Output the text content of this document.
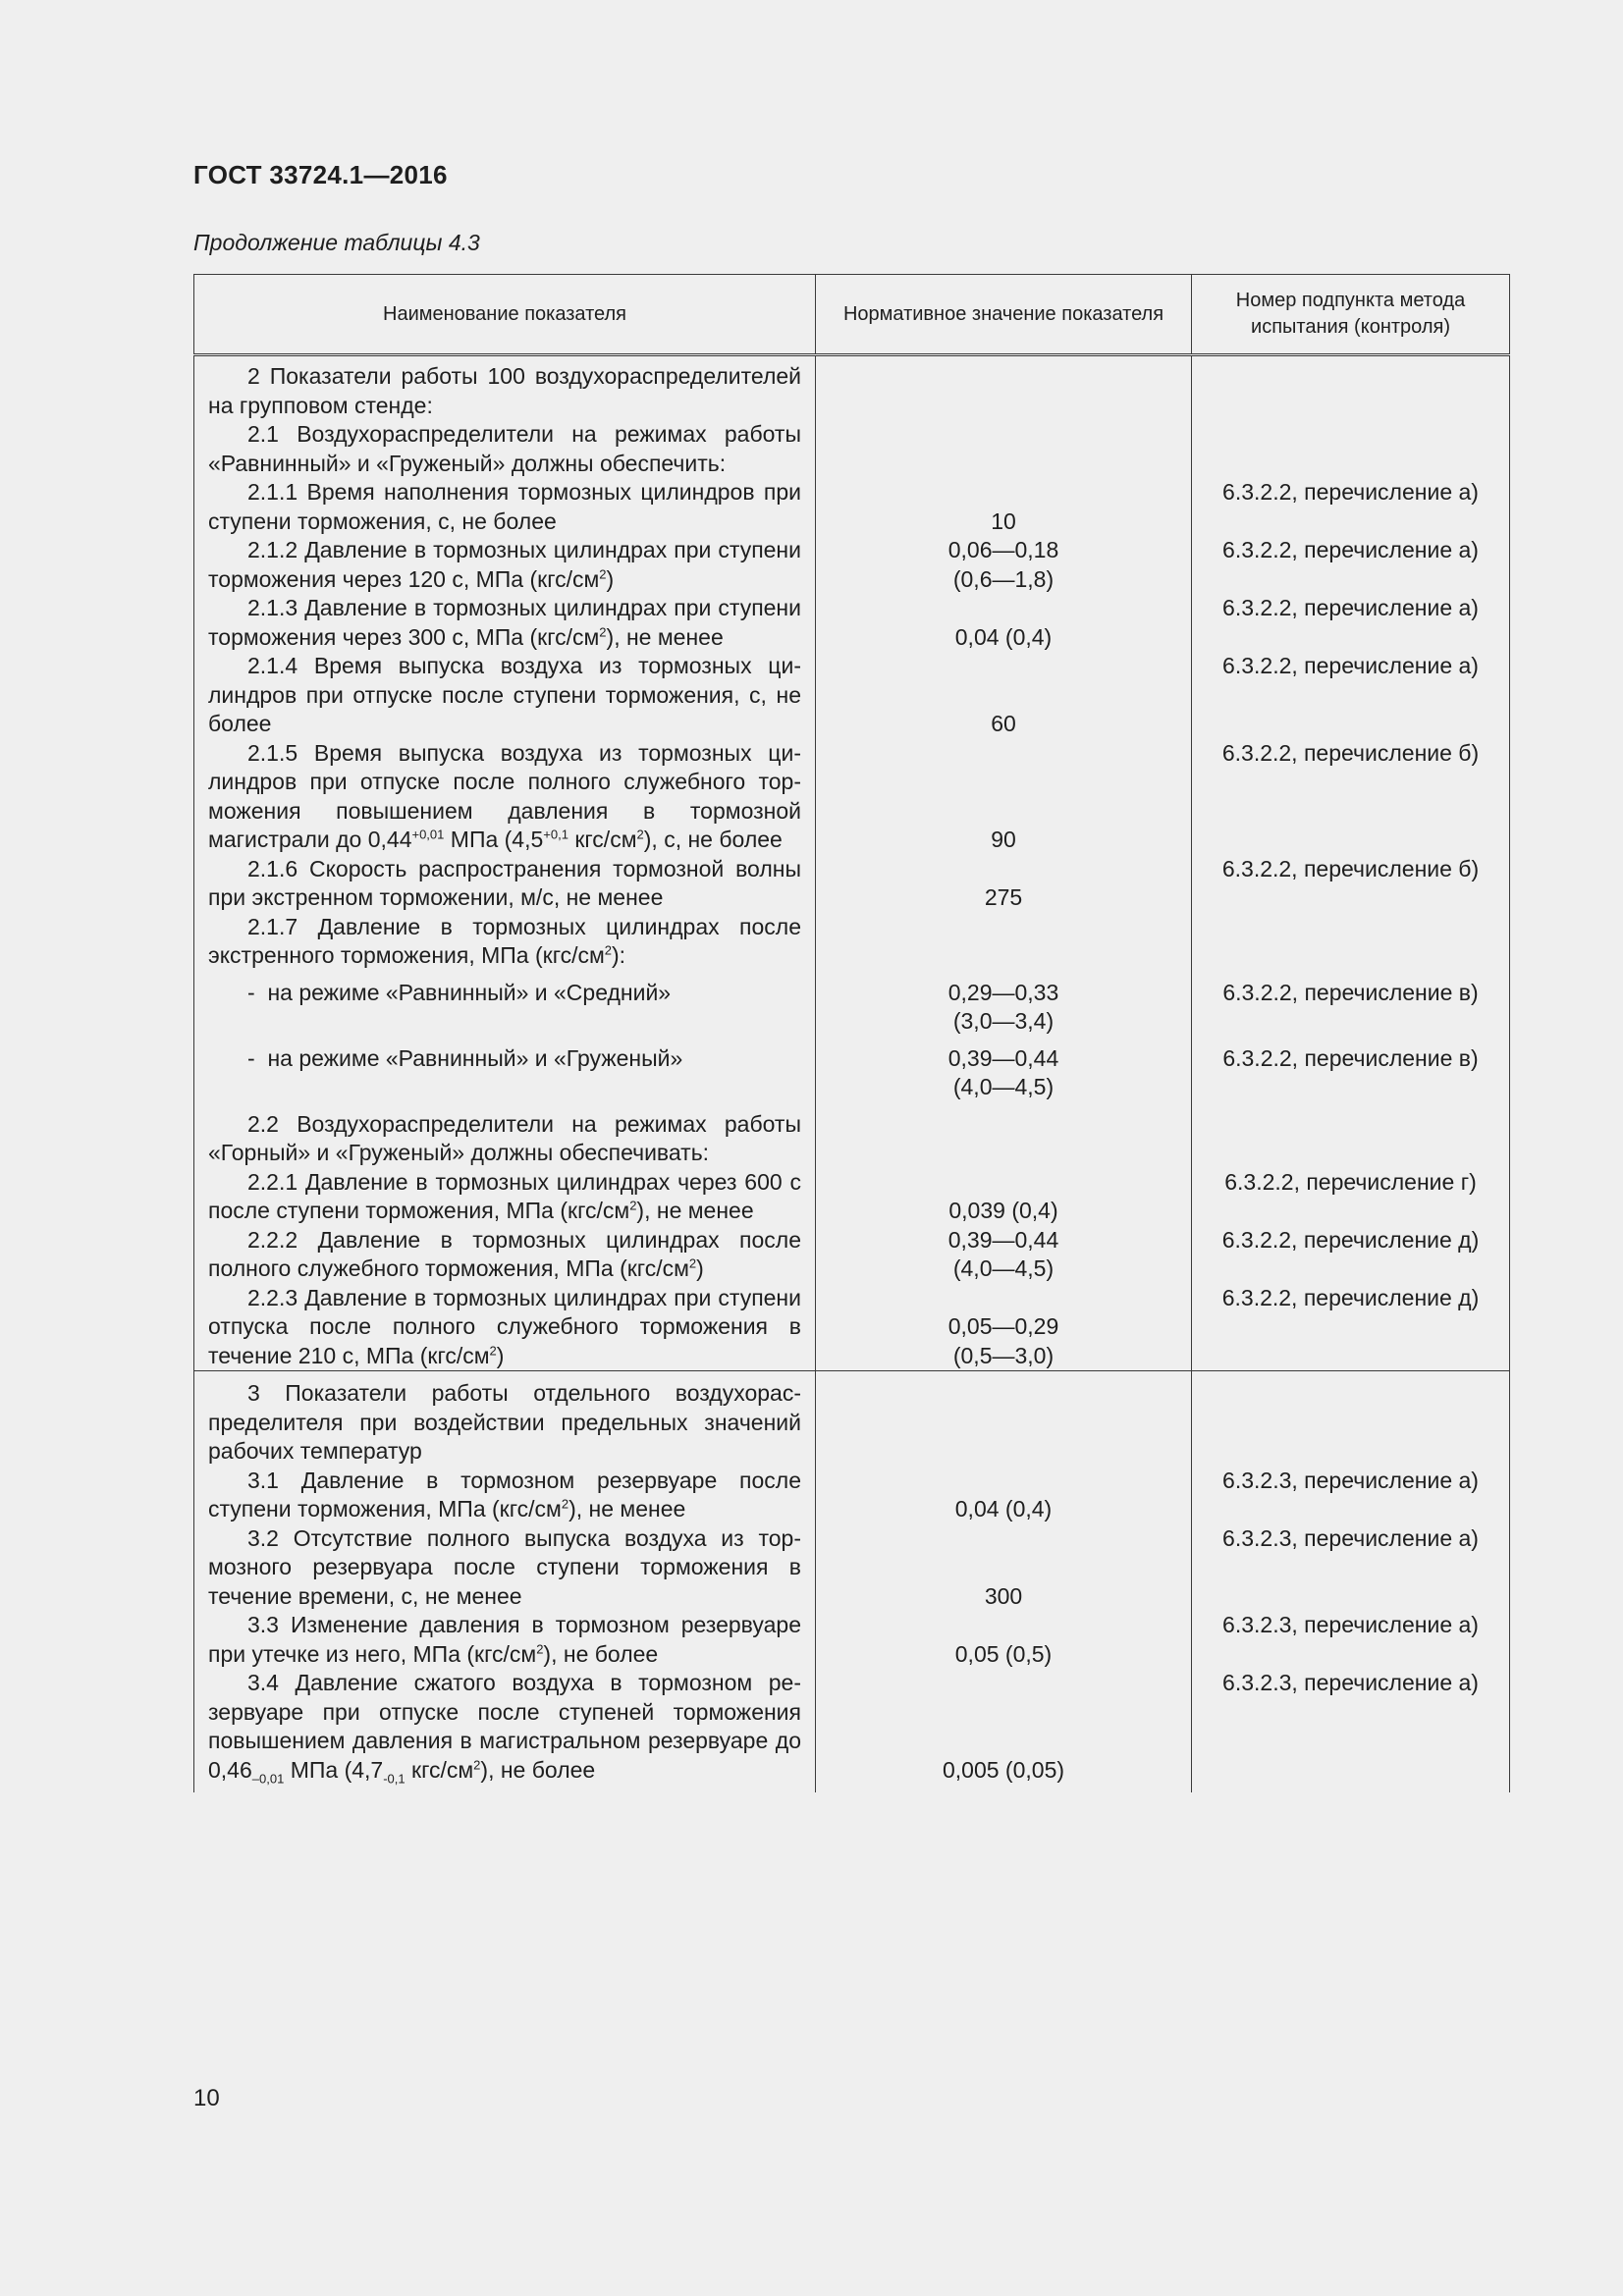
ГОСТ 33724.1—2016
Продолжение таблицы 4.3
Наименование показателя	Нормативное значение показателя	Номер подпункта метода
испытания (контроля)

2 Показатели работы 100 воздухораспределителей на групповом стенде:		

2.1 Воздухораспределители на режимах работы «Равнинный» и «Груженый» должны обеспечить:		

2.1.1 Время наполнения тормозных цилиндров при ступени торможения, с, не более	10	6.3.2.2, перечисление а)

2.1.2 Давление в тормозных цилиндрах при ступени торможения через 120 с, МПа $(кгс/см^2)$	0,06—0,18
(0,6—1,8)	6.3.2.2, перечисление а)

2.1.3 Давление в тормозных цилиндрах при ступени торможения через 300 с, МПа $(кгс/см^2)$, не менее	0,04 (0,4)	6.3.2.2, перечисление а)

2.1.4 Время выпуска воздуха из тормозных цилиндров при отпуске после ступени торможения, с, не более	60	6.3.2.2, перечисление а)

2.1.5 Время выпуска воздуха из тормозных цилиндров при отпуске после полного служебного торможения повышением давления в тормозной магистрали до $0,44^{+0,01}$ МПа ($4,5^{+0,1}$ кгс/$см^2$), с, не более	90	6.3.2.2, перечисление б)

2.1.6 Скорость распространения тормозной волны при экстренном торможении, м/с, не менее	275	6.3.2.2, перечисление б)

2.1.7 Давление в тормозных цилиндрах после экстренного торможения, МПа $(кгс/см^2)$:		

-  на режиме «Равнинный» и «Средний»	0,29—0,33
(3,0—3,4)	6.3.2.2, перечисление в)

-  на режиме «Равнинный» и «Груженый»	0,39—0,44
(4,0—4,5)	6.3.2.2, перечисление в)

2.2 Воздухораспределители на режимах работы «Горный» и «Груженый» должны обеспечивать:		

2.2.1 Давление в тормозных цилиндрах через 600 с после ступени торможения, МПа $(кгс/см^2)$, не менее	0,039 (0,4)	6.3.2.2, перечисление г)

2.2.2 Давление в тормозных цилиндрах после полного служебного торможения, МПа $(кгс/см^2)$	0,39—0,44
(4,0—4,5)	6.3.2.2, перечисление д)

2.2.3 Давление в тормозных цилиндрах при ступени отпуска после полного служебного торможения в течение 210 с, МПа $(кгс/см^2)$	0,05—0,29
(0,5—3,0)	6.3.2.2, перечисление д)

3 Показатели работы отдельного воздухораспределителя при воздействии предельных значений рабочих температур		

3.1 Давление в тормозном резервуаре после ступени торможения, МПа $(кгс/см^2)$, не менее	0,04 (0,4)	6.3.2.3, перечисление а)

3.2 Отсутствие полного выпуска воздуха из тормозного резервуара после ступени торможения в течение времени, с, не менее	300	6.3.2.3, перечисление а)

3.3 Изменение давления в тормозном резервуаре при утечке из него, МПа $(кгс/см^2)$, не более	0,05 (0,5)	6.3.2.3, перечисление а)

3.4 Давление сжатого воздуха в тормозном резервуаре при отпуске после ступеней торможения повышением давления в магистральном резервуаре до $0,46_{-0,01}$ МПа ($4,7_{-0,1}$ кгс/$см^2$), не более	0,005 (0,05)	6.3.2.3, перечисление а)
10
